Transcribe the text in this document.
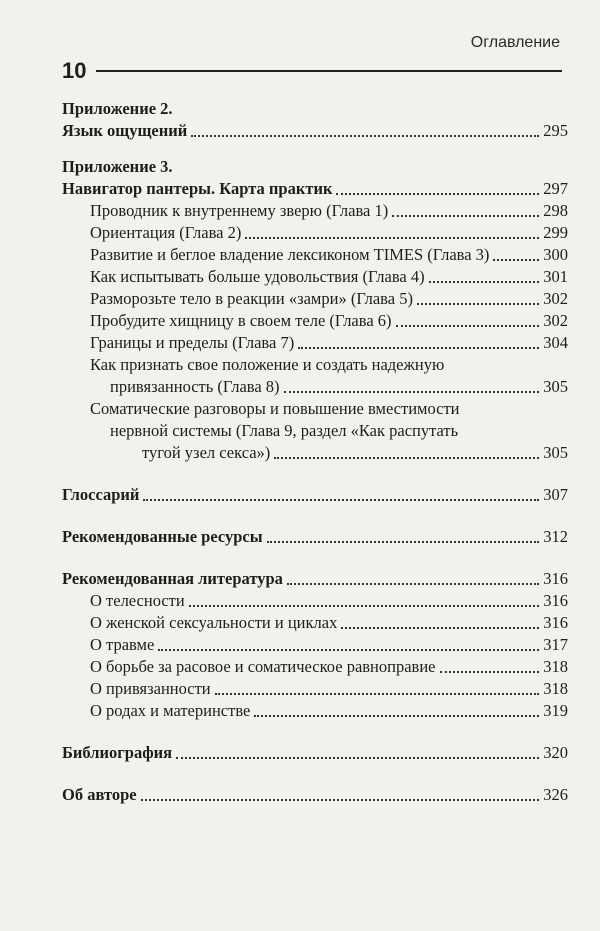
Оглавление
10
Приложение 2.
Язык ощущений	295
Приложение 3.
Навигатор пантеры. Карта практик	297
Проводник к внутреннему зверю (Глава 1)	298
Ориентация (Глава 2)	299
Развитие и беглое владение лексиконом TIMES (Глава 3)	300
Как испытывать больше удовольствия (Глава 4)	301
Разморозьте тело в реакции «замри» (Глава 5)	302
Пробудите хищницу в своем теле (Глава 6)	302
Границы и пределы (Глава 7)	304
Как признать свое положение и создать надежную
привязанность (Глава 8)	305
Соматические разговоры и повышение вместимости
нервной системы (Глава 9, раздел «Как распутать
тугой узел секса»)	305
Глоссарий	307
Рекомендованные ресурсы	312
Рекомендованная литература	316
О телесности	316
О женской сексуальности и циклах	316
О травме	317
О борьбе за расовое и соматическое равноправие	318
О привязанности	318
О родах и материнстве	319
Библиография	320
Об авторе	326
